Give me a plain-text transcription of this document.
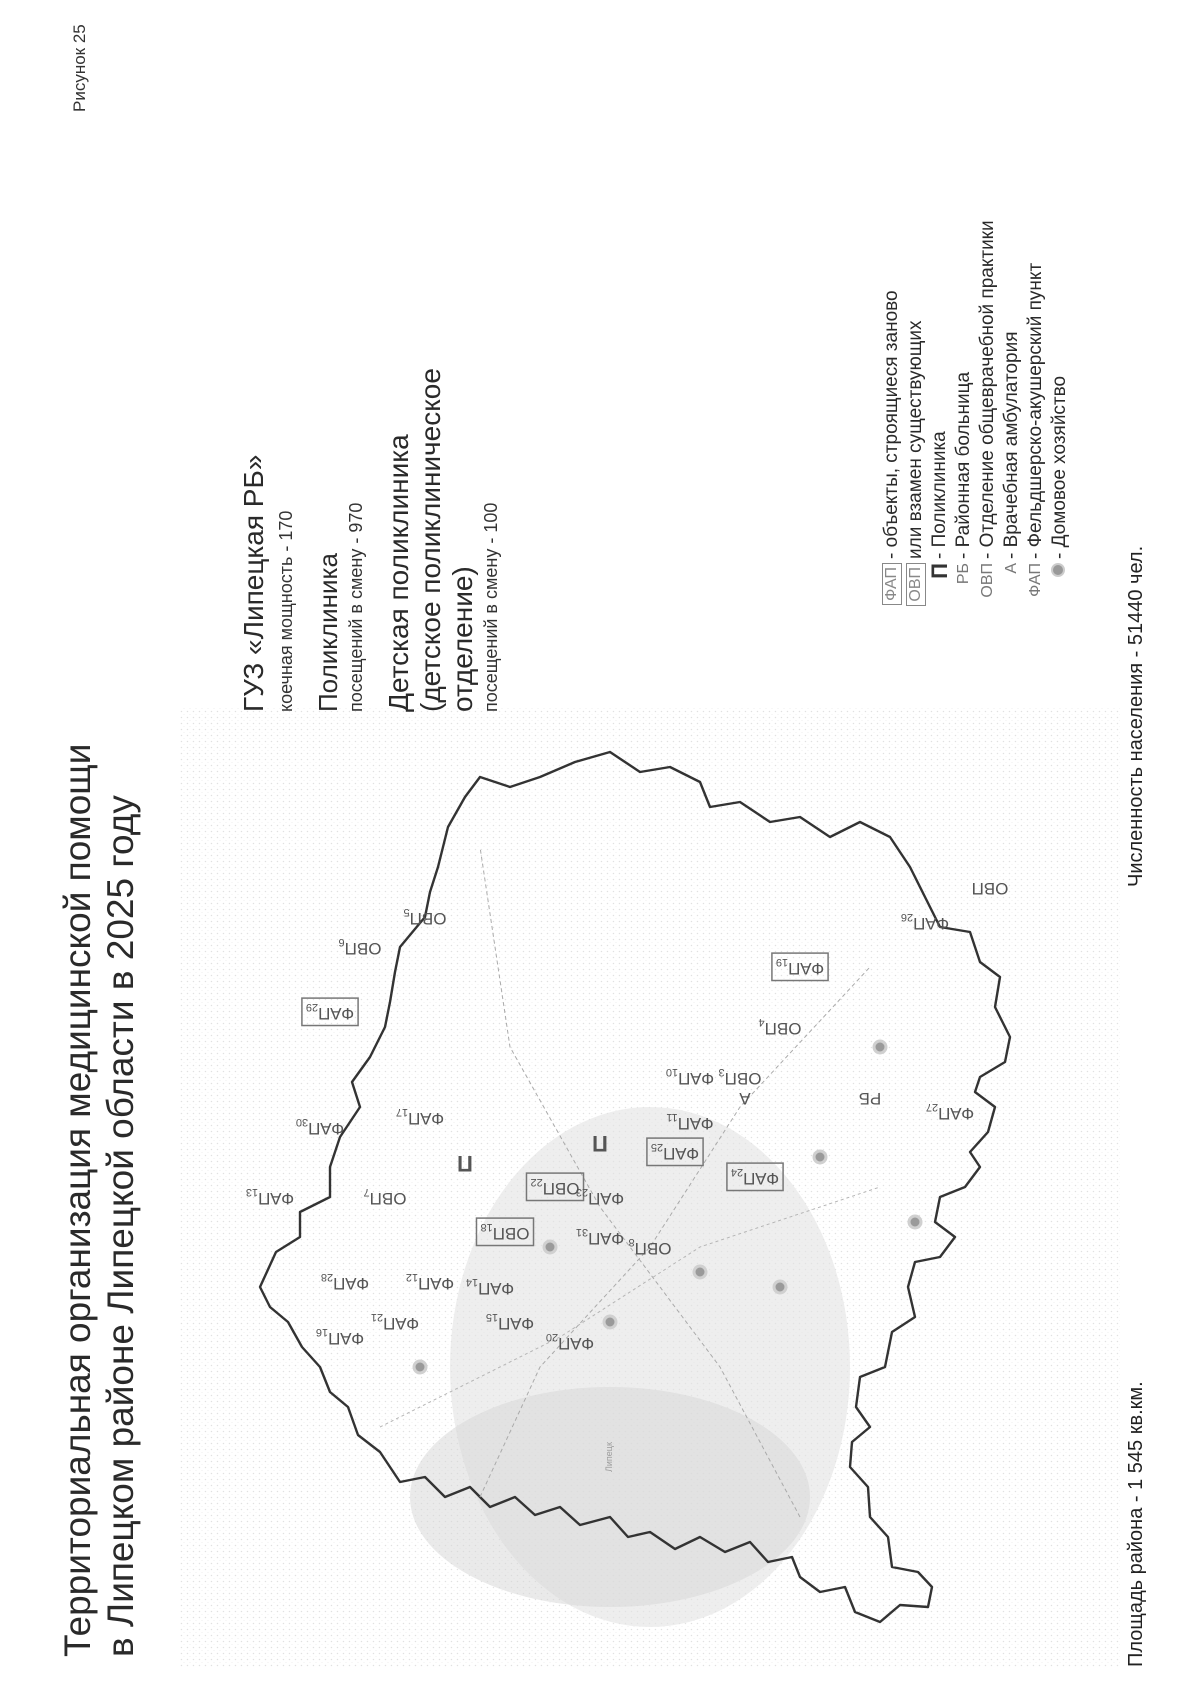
Рисунок 25
Территориальная организация медицинской помощи в Липецком районе Липецкой области в 2025 году	Липецк
$ФАП_{13}$
$ФАП_{30}$
$ФАП_{29}$
$ОВП_6$
$ОВП_5$
$ФАП_{28}$
$ОВП_7$
П
$ФАП_{17}$
$ФАП_{12}$
$ОВП_{18}$
$ОВП_{22}$
$ФАП_{23}$
П	$ФАП_{25}$
$ФАП_{11}$
$ФАП_{10}$	$ОВП_3$
$ОВП_4$
А
$ФАП_{19}$
$ФАП_{21}$
$ФАП_{14}$
$ФАП_{31}$
$ОВП_8$
$ФАП_{24}$
РБ
$ФАП_{26}$
ОВП
$ФАП_{16}$	$ФАП_{15}$
$ФАП_{20}$
$ФАП_{27}$
ГУЗ «Липецкая РБ» коечная мощность - 170 Поликлиника посещений в смену - 970 Детская поликлиника (детское поликлиническое отделение) посещений в смену - 100	ФАП
- объекты, строящиеся заново
ОВП
или взамен существующих
П
- Поликлиника
РБ
- Районная больница
ОВП
- Отделение общеврачебной практики
А
- Врачебная амбулатория
ФАП
- Фельдшерско-акушерский пункт - Домовое хозяйство
Площадь района - 1 545 кв.км.
Численность населения - 51440 чел.
